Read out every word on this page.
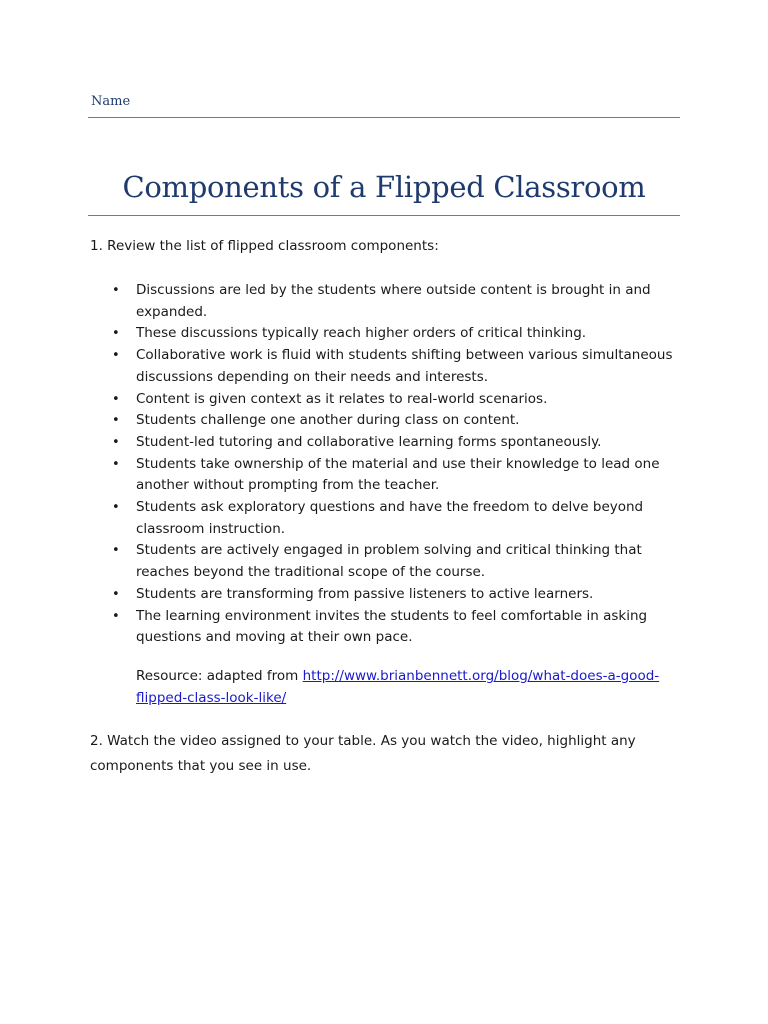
Name
Components of a Flipped Classroom
1. Review the list of flipped classroom components:
• Discussions are led by the students where outside content is brought in and expanded.
• These discussions typically reach higher orders of critical thinking.
• Collaborative work is fluid with students shifting between various simultaneous discussions depending on their needs and interests.
• Content is given context as it relates to real-world scenarios.
• Students challenge one another during class on content.
• Student-led tutoring and collaborative learning forms spontaneously.
• Students take ownership of the material and use their knowledge to lead one another without prompting from the teacher.
• Students ask exploratory questions and have the freedom to delve beyond classroom instruction.
• Students are actively engaged in problem solving and critical thinking that reaches beyond the traditional scope of the course.
• Students are transforming from passive listeners to active learners.
• The learning environment invites the students to feel comfortable in asking questions and moving at their own pace.
Resource: adapted from http://www.brianbennett.org/blog/what-does-a-good-flipped-class-look-like/
2. Watch the video assigned to your table. As you watch the video, highlight any components that you see in use.
